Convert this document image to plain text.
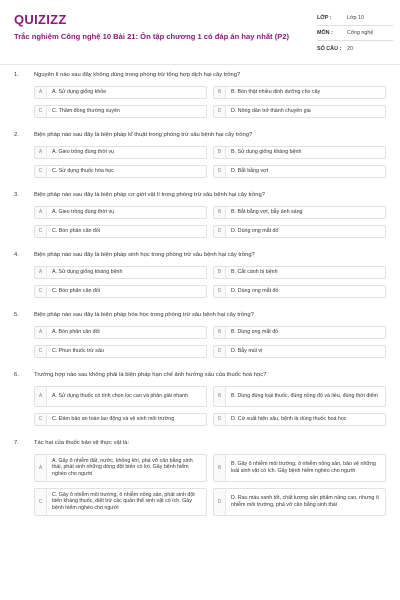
QUIZIZZ
Trắc nghiệm Công nghệ 10 Bài 21: Ôn tập chương 1 có đáp án hay nhất (P2)
LỚP :	Lớp 10
MÔN :	Công nghệ
SỐ CÂU :	20
1.	Nguyên lí nào sau đây không dùng trong phòng trừ tổng hợp dịch hại cây trồng?
A	A. Sử dụng giống khỏe	B	B. Bón thật nhiều dinh dưỡng cho cây
C	C. Thăm đồng thường xuyên	D	D. Nông dân trở thành chuyên gia
2.	Biện pháp nào sau đây là biện pháp kĩ thuật trong phòng trừ sâu bệnh hại cây trồng?
A	A. Gieo trồng đúng thời vụ	B	B. Sử dụng giống kháng bệnh
C	C. Sử dụng thuốc hóa học	D	D. Bắt bằng vợt
3.	Biện pháp nào sau đây là biện pháp cơ giới vật lí trong phòng trừ sâu bệnh hại cây trồng?
A	A. Gieo trồng đúng thời vụ	B	B. Bắt bằng vợt, bẫy ánh sáng
C	C. Bón phân cân đối	D	D. Dùng ong mắt đỏ
4.	Biện pháp nào sau đây là biện pháp sinh học trong phòng trừ sâu bệnh hại cây trồng?
A	A. Sử dụng giống kháng bệnh	B	B. Cắt cành bị bệnh
C	C. Bón phân cân đối	D	D. Dùng ong mắt đỏ
5.	Biện pháp nào sau đây là biện pháp hóa học trong phòng trừ sâu bệnh hại cây trồng?
A	A. Bón phân cân đối	B	B. Dùng ong mắt đỏ
C	C. Phun thuốc trừ sâu	D	D. Bẫy mùi vị
6.	Trường hợp nào sau không phải là biện pháp hạn chế ảnh hưởng xấu của thuốc hoá học?
A	A. Sử dụng thuốc có tính chọn lọc cao và phân giải nhanh	B	B. Dùng đúng loại thuốc, đúng nồng độ và liều, đúng thời điểm
C	C. Đảm bảo an toàn lao động và vệ sinh môi trường	D	D. Cứ xuất hiện sâu, bệnh là dùng thuốc hoá học
7.	Tác hại của thuốc bảo vệ thực vật là:
A
A. Gây ô nhiễm đất, nước, không khí, phá vỡ cân bằng sinh thái, phát sinh những dòng đột biến có lợi. Gây bệnh hiểm nghèo cho người
B
B. Gây ô nhiễm môi trường, ô nhiễm nông sản, bảo vệ những loài sinh vật có ích. Gây bệnh hiểm nghèo cho người
C
C. Gây ô nhiễm môi trường, ô nhiễm nông sản, phát sinh đột biến kháng thuốc, diệt trừ các quần thể sinh vật có ích. Gây bệnh hiểm nghèo cho người
D
D. Rau màu xanh tốt, chất lượng sản phẩm nâng cao, nhưng ô nhiễm môi trường, phá vỡ cân bằng sinh thái
